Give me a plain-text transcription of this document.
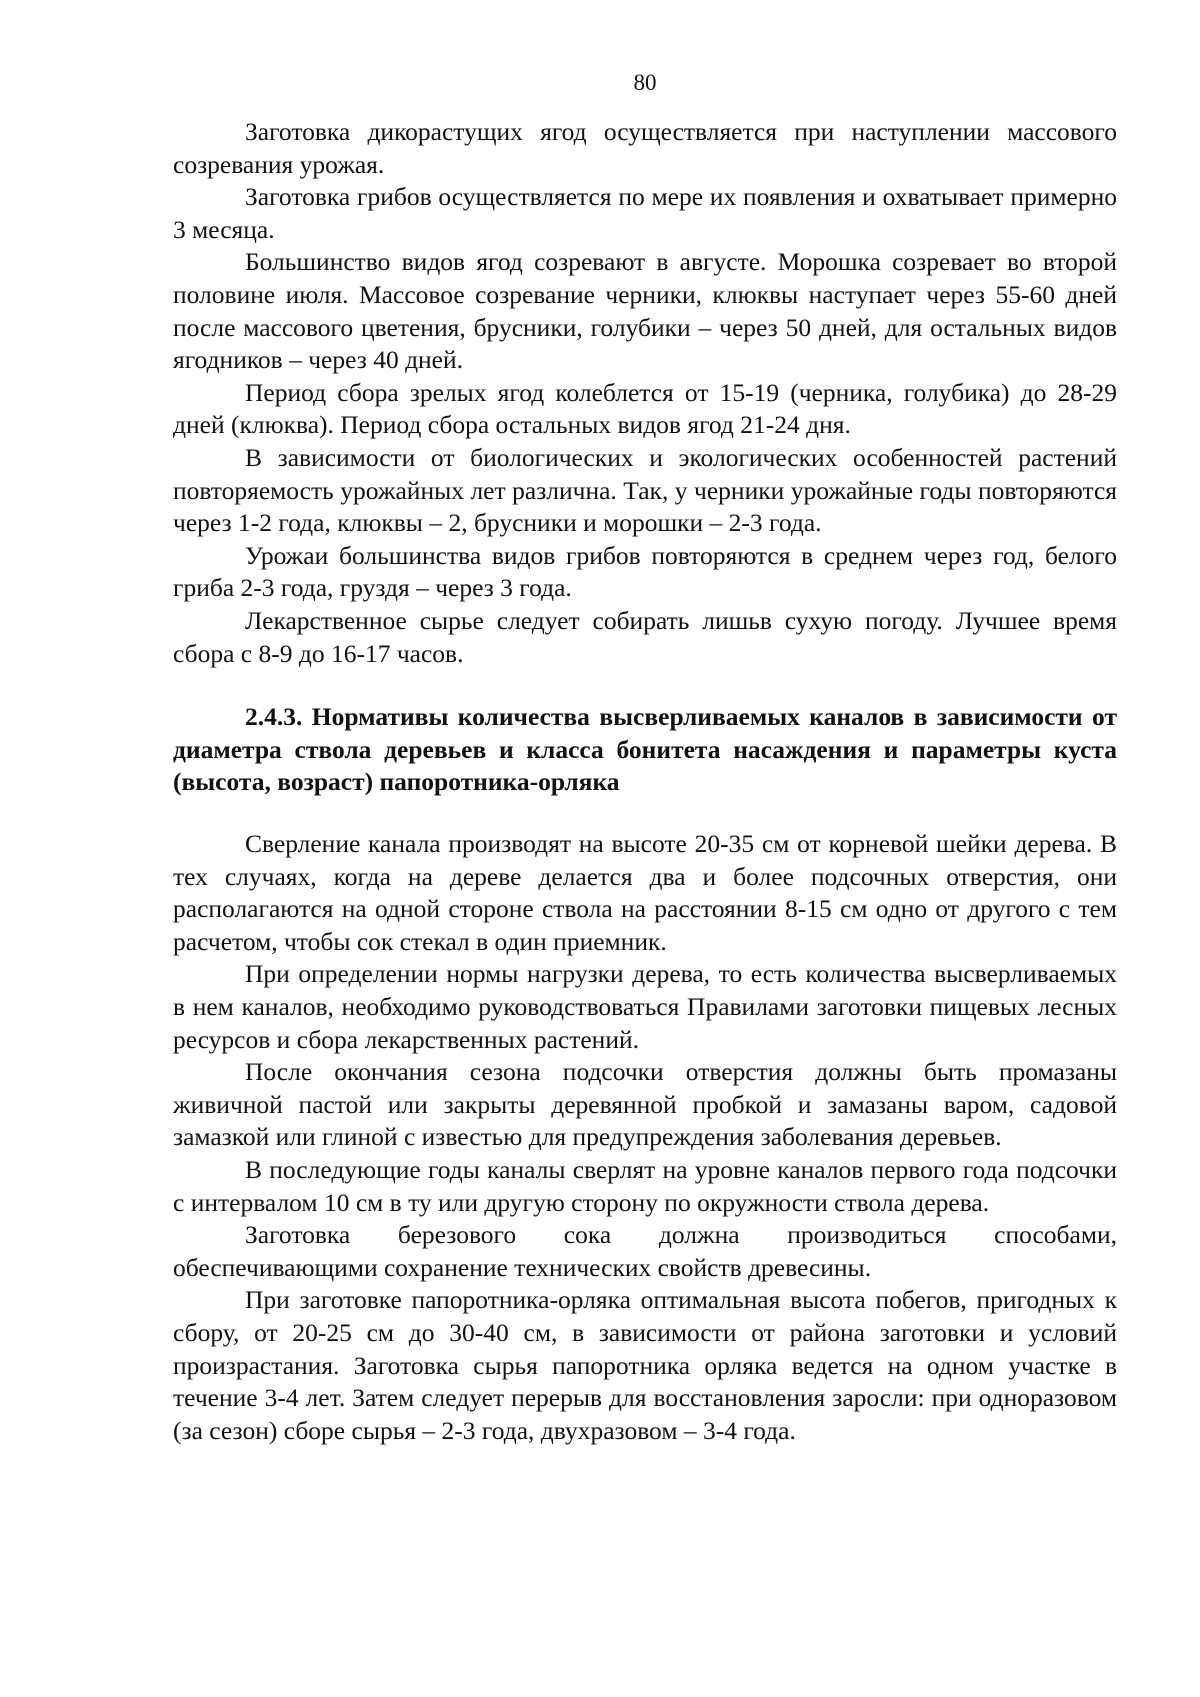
80

Заготовка дикорастущих ягод осуществляется при наступлении массового созревания урожая.

Заготовка грибов осуществляется по мере их появления и охватывает примерно 3 месяца.

Большинство видов ягод созревают в августе. Морошка созревает во второй половине июля. Массовое созревание черники, клюквы наступает через 55-60 дней после массового цветения, брусники, голубики – через 50 дней, для остальных видов ягодников – через 40 дней.

Период сбора зрелых ягод колеблется от 15-19 (черника, голубика) до 28-29 дней (клюква). Период сбора остальных видов ягод 21-24 дня.

В зависимости от биологических и экологических особенностей растений повторяемость урожайных лет различна. Так, у черники урожайные годы повторяются через 1-2 года, клюквы – 2, брусники и морошки – 2-3 года.

Урожаи большинства видов грибов повторяются в среднем через год, белого гриба 2-3 года, груздя – через 3 года.

Лекарственное сырье следует собирать лишьв сухую погоду. Лучшее время сбора с 8-9 до 16-17 часов.

2.4.3. Нормативы количества высверливаемых каналов в зависимости от диаметра ствола деревьев и класса бонитета насаждения и параметры куста (высота, возраст) папоротника-орляка

Сверление канала производят на высоте 20-35 см от корневой шейки дерева. В тех случаях, когда на дереве делается два и более подсочных отверстия, они располагаются на одной стороне ствола на расстоянии 8-15 см одно от другого с тем расчетом, чтобы сок стекал в один приемник.

При определении нормы нагрузки дерева, то есть количества высверливаемых в нем каналов, необходимо руководствоваться Правилами заготовки пищевых лесных ресурсов и сбора лекарственных растений.

После окончания сезона подсочки отверстия должны быть промазаны живичной пастой или закрыты деревянной пробкой и замазаны варом, садовой замазкой или глиной с известью для предупреждения заболевания деревьев.

В последующие годы каналы сверлят на уровне каналов первого года подсочки с интервалом 10 см в ту или другую сторону по окружности ствола дерева.

Заготовка березового сока должна производиться способами, обеспечивающими сохранение технических свойств древесины.

При заготовке папоротника-орляка оптимальная высота побегов, пригодных к сбору, от 20-25 см до 30-40 см, в зависимости от района заготовки и условий произрастания. Заготовка сырья папоротника орляка ведется на одном участке в течение 3-4 лет. Затем следует перерыв для восстановления заросли: при одноразовом (за сезон) сборе сырья – 2-3 года, двухразовом – 3-4 года.
